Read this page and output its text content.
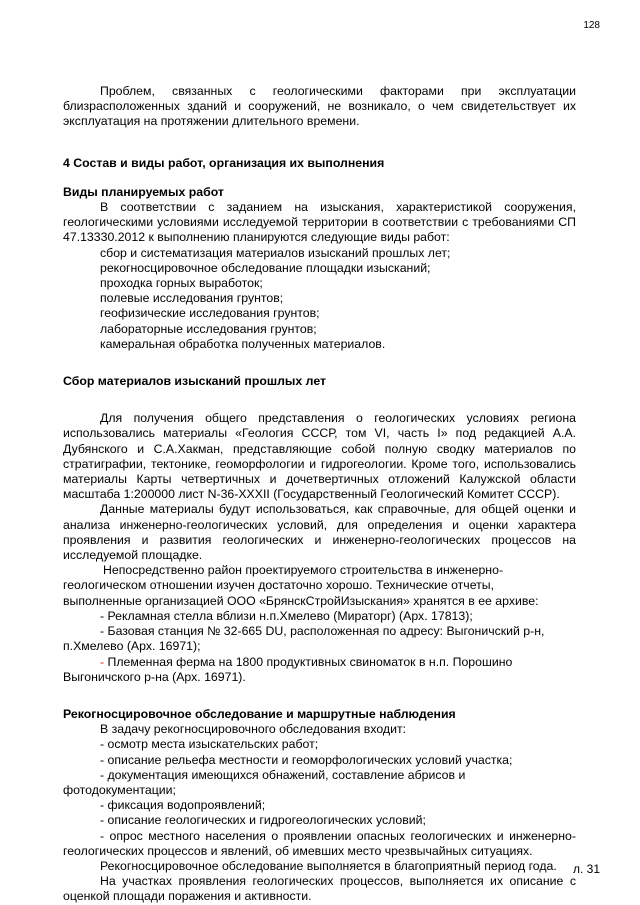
128

Проблем, связанных с геологическими факторами при эксплуатации близрасположенных зданий и сооружений, не возникало, о чем свидетельствует их эксплуатация на протяжении длительного времени.

4 Состав и виды работ, организация их выполнения

Виды планируемых работ

В соответствии с заданием на изыскания, характеристикой сооружения, геологическими условиями исследуемой территории в соответствии с требованиями СП 47.13330.2012 к выполнению планируются следующие виды работ:

сбор и систематизация материалов изысканий прошлых лет;

рекогносцировочное обследование площадки изысканий;

проходка горных выработок;

полевые исследования грунтов;

геофизические исследования грунтов;

лабораторные исследования грунтов;

камеральная обработка полученных материалов.

Сбор материалов изысканий прошлых лет

Для получения общего представления о геологических условиях региона использовались материалы «Геология СССР, том VI, часть I» под редакцией А.А. Дубянского и С.А.Хакман, представляющие собой полную сводку материалов по стратиграфии, тектонике, геоморфологии и гидрогеологии. Кроме того, использовались материалы Карты четвертичных и дочетвертичных отложений Калужской области масштаба 1:200000 лист N-36-XXXII (Государственный Геологический Комитет СССР).

Данные материалы будут использоваться, как справочные, для общей оценки и анализа инженерно-геологических условий, для определения и оценки характера проявления и развития геологических и инженерно-геологических процессов на исследуемой площадке.

Непосредственно район проектируемого строительства в инженерно-геологическом отношении изучен достаточно хорошо. Технические отчеты, выполненные организацией ООО «БрянскСтройИзыскания» хранятся в ее архиве:

- Рекламная стелла вблизи н.п.Хмелево (Мираторг) (Арх. 17813);

- Базовая станция № 32-665 DU, расположенная по адресу: Выгоничский р-н, п.Хмелево (Арх. 16971);

- Племенная ферма на 1800 продуктивных свиноматок в н.п. Порошино Выгоничского р-на (Арх. 16971).

Рекогносцировочное обследование и маршрутные наблюдения

В задачу рекогносцировочного обследования входит:

- осмотр места изыскательских работ;

- описание рельефа местности и геоморфологических условий участка;

- документация имеющихся обнажений, составление абрисов и фотодокументации;

- фиксация водопроявлений;

- описание геологических и гидрогеологических условий;

- опрос местного населения о проявлении опасных геологических и инженерно-геологических процессов и явлений, об имевших место чрезвычайных ситуациях.

Рекогносцировочное обследование выполняется в благоприятный период года.

На участках проявления геологических процессов, выполняется их описание с оценкой площади поражения и активности.

л. 31
